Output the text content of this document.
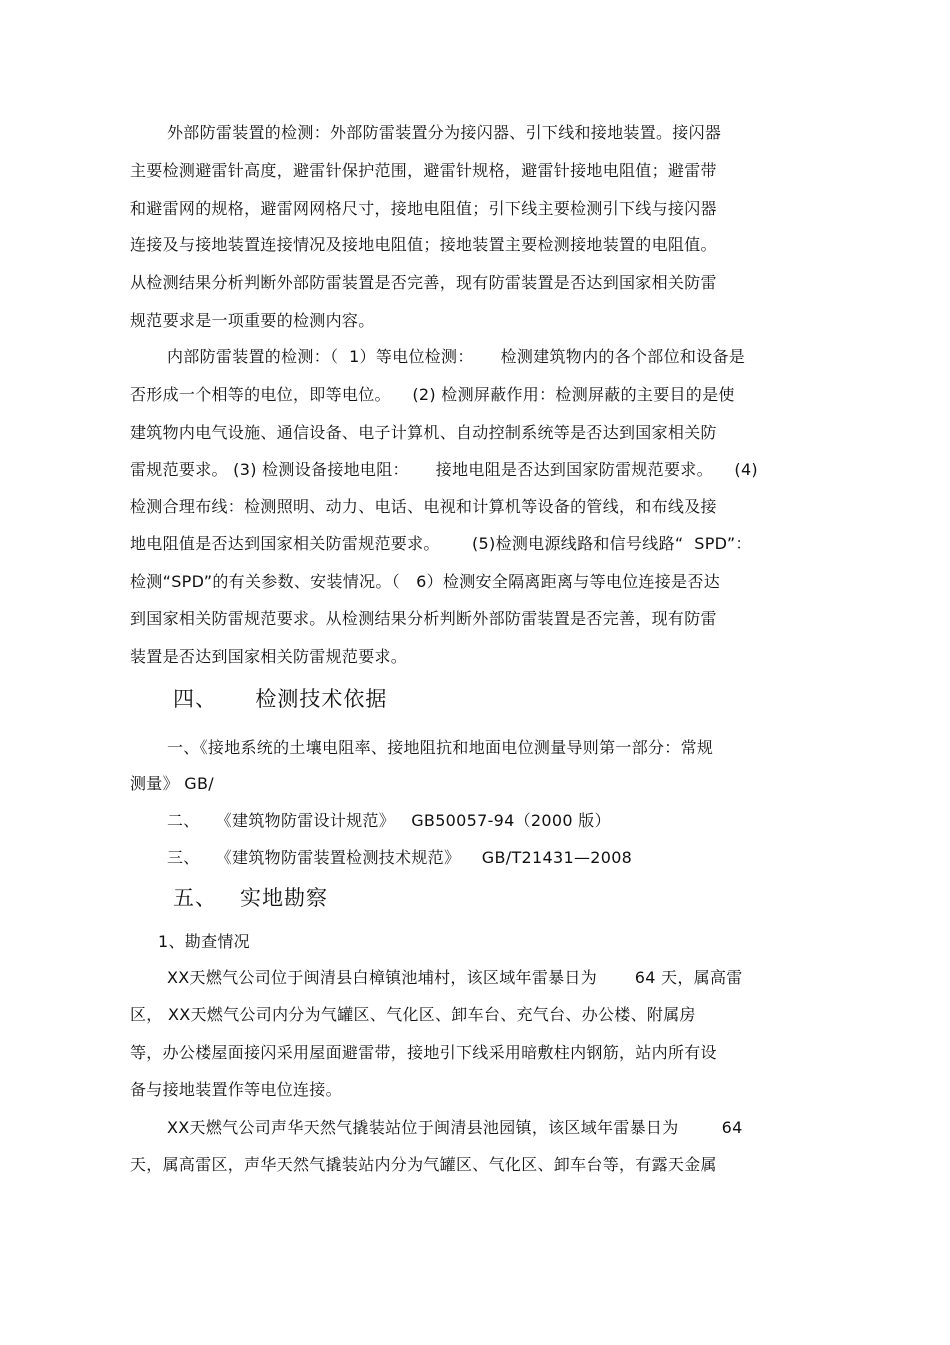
外部防雷装置的检测：外部防雷装置分为接闪器、引下线和接地装置。接闪器
主要检测避雷针高度，避雷针保护范围，避雷针规格，避雷针接地电阻值；避雷带
和避雷网的规格，避雷网网格尺寸，接地电阻值；引下线主要检测引下线与接闪器
连接及与接地装置连接情况及接地电阻值；接地装置主要检测接地装置的电阻值。
从检测结果分析判断外部防雷装置是否完善，现有防雷装置是否达到国家相关防雷
规范要求是一项重要的检测内容。
内部防雷装置的检测：（  1）等电位检测：     检测建筑物内的各个部位和设备是
否形成一个相等的电位，即等电位。    (2) 检测屏蔽作用：检测屏蔽的主要目的是使
建筑物内电气设施、通信设备、电子计算机、自动控制系统等是否达到国家相关防
雷规范要求。 (3) 检测设备接地电阻：     接地电阻是否达到国家防雷规范要求。    (4)
检测合理布线：检测照明、动力、电话、电视和计算机等设备的管线，和布线及接
地电阻值是否达到国家相关防雷规范要求。      (5)检测电源线路和信号线路“  SPD”：
检测“SPD”的有关参数、安装情况。（   6）检测安全隔离距离与等电位连接是否达
到国家相关防雷规范要求。从检测结果分析判断外部防雷装置是否完善，现有防雷
装置是否达到国家相关防雷规范要求。
四、     检测技术依据
一、《接地系统的土壤电阻率、接地阻抗和地面电位测量导则第一部分：常规
测量》 GB/
二、   《建筑物防雷设计规范》   GB50057-94（2000 版）
三、   《建筑物防雷装置检测技术规范》    GB/T21431—2008
五、   实地勘察
1、勘查情况
XX天燃气公司位于闽清县白樟镇池埔村，该区域年雷暴日为       64 天，属高雷
区， XX天燃气公司内分为气罐区、气化区、卸车台、充气台、办公楼、附属房
等，办公楼屋面接闪采用屋面避雷带，接地引下线采用暗敷柱内钢筋，站内所有设
备与接地装置作等电位连接。
XX天燃气公司声华天然气撬装站位于闽清县池园镇，该区域年雷暴日为        64
天，属高雷区，声华天然气撬装站内分为气罐区、气化区、卸车台等，有露天金属
